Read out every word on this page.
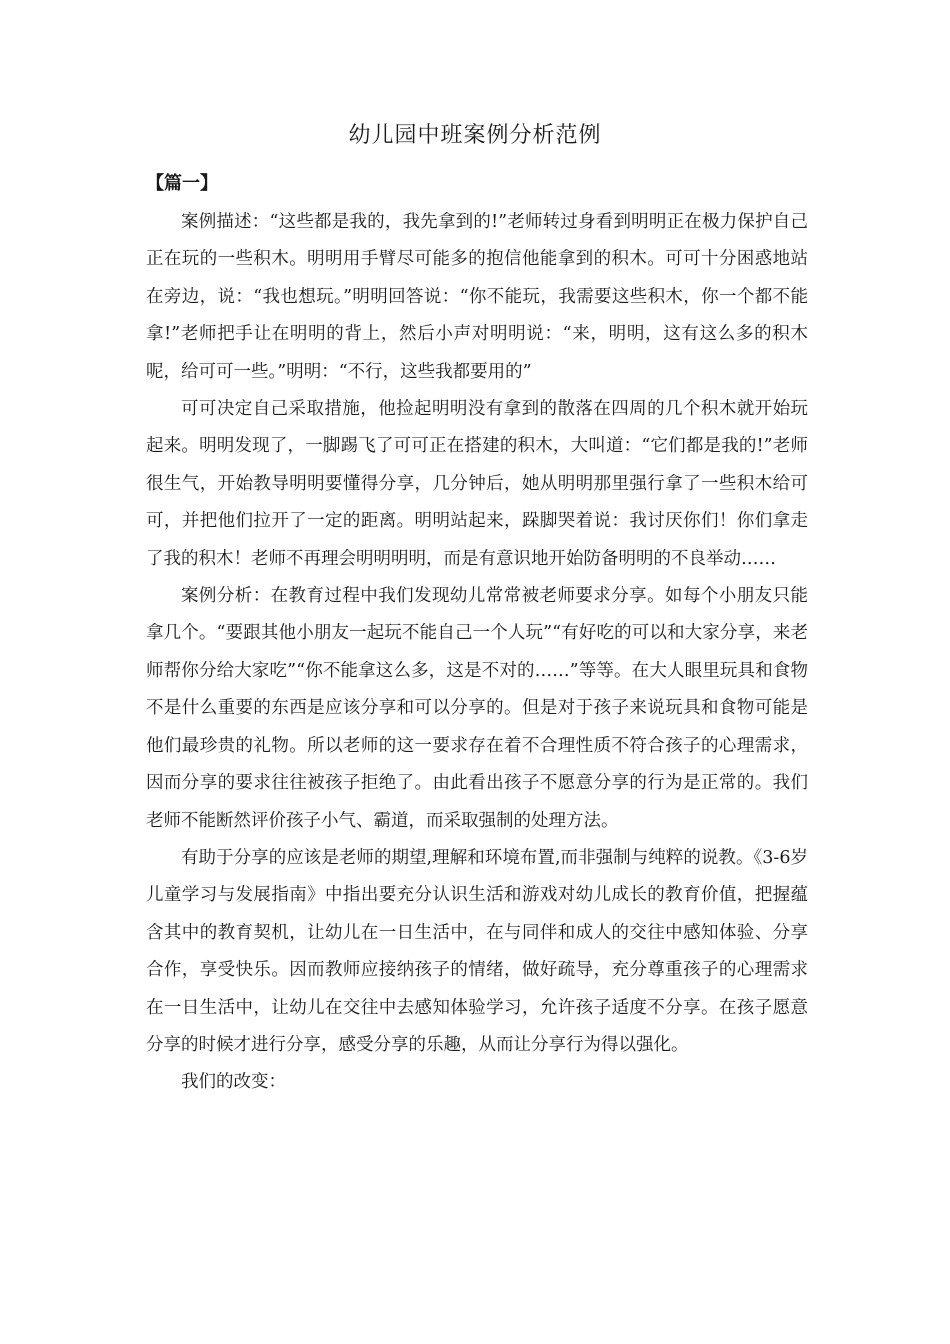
幼儿园中班案例分析范例
【篇一】

案例描述：“这些都是我的，我先拿到的!”老师转过身看到明明正在极力保护自己正在玩的一些积木。明明用手臂尽可能多的抱信他能拿到的积木。可可十分困惑地站在旁边，说：“我也想玩。”明明回答说：“你不能玩，我需要这些积木，你一个都不能拿!”老师把手让在明明的背上，然后小声对明明说：“来，明明，这有这么多的积木呢，给可可一些。”明明：“不行，这些我都要用的”

可可决定自己采取措施，他捡起明明没有拿到的散落在四周的几个积木就开始玩起来。明明发现了，一脚踢飞了可可正在搭建的积木，大叫道：“它们都是我的!”老师很生气，开始教导明明要懂得分享，几分钟后，她从明明那里强行拿了一些积木给可可，并把他们拉开了一定的距离。明明站起来，跺脚哭着说：我讨厌你们！你们拿走了我的积木！老师不再理会明明明明，而是有意识地开始防备明明的不良举动……

案例分析：在教育过程中我们发现幼儿常常被老师要求分享。如每个小朋友只能拿几个。“要跟其他小朋友一起玩不能自己一个人玩”“有好吃的可以和大家分享，来老师帮你分给大家吃”“你不能拿这么多，这是不对的……”等等。在大人眼里玩具和食物不是什么重要的东西是应该分享和可以分享的。但是对于孩子来说玩具和食物可能是他们最珍贵的礼物。所以老师的这一要求存在着不合理性质不符合孩子的心理需求，因而分享的要求往往被孩子拒绝了。由此看出孩子不愿意分享的行为是正常的。我们老师不能断然评价孩子小气、霸道，而采取强制的处理方法。

有助于分享的应该是老师的期望,理解和环境布置,而非强制与纯粹的说教。《3-6岁儿童学习与发展指南》中指出要充分认识生活和游戏对幼儿成长的教育价值，把握蕴含其中的教育契机，让幼儿在一日生活中，在与同伴和成人的交往中感知体验、分享合作，享受快乐。因而教师应接纳孩子的情绪，做好疏导，充分尊重孩子的心理需求在一日生活中，让幼儿在交往中去感知体验学习，允许孩子适度不分享。在孩子愿意分享的时候才进行分享，感受分享的乐趣，从而让分享行为得以强化。

我们的改变：
